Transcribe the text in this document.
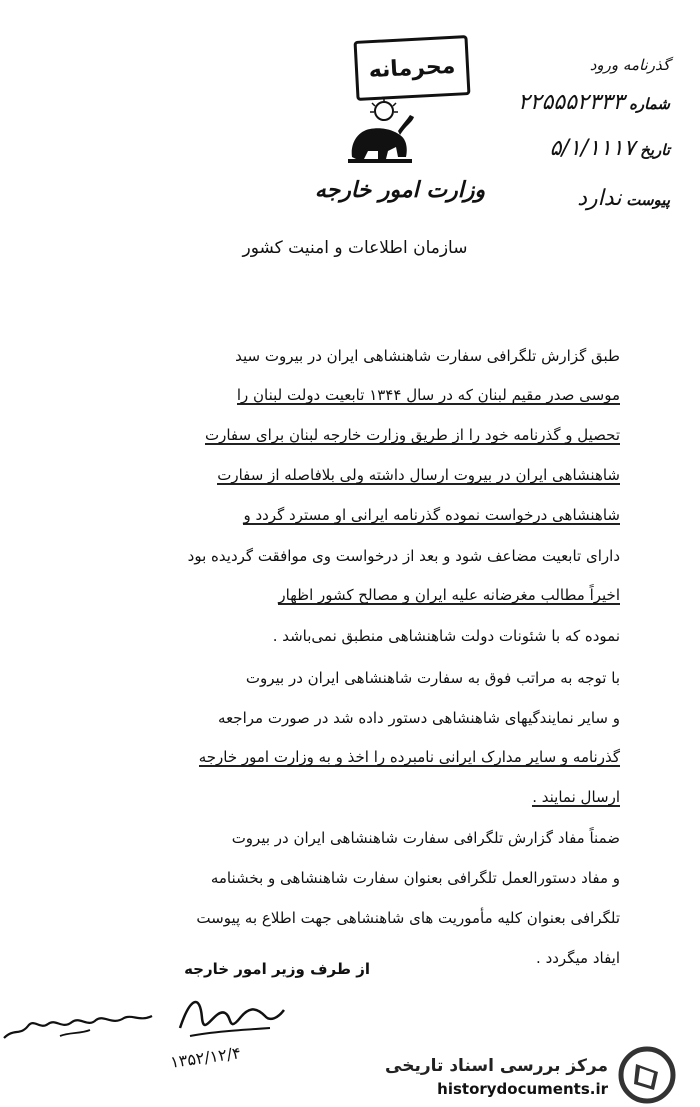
محرمانه
وزارت امور خارجه
گذرنامه ورود
شماره ۲۲۵۵۵۲۳۳۳
تاریخ ۵/۱/۱۱۱۷
پیوست ندارد
سازمان اطلاعات و امنیت کشور
طبق گزارش تلگرافی سفارت شاهنشاهی ایران در بیروت سید
موسی صدر مقیم لبنان که در سال ۱۳۴۴ تابعیت دولت لبنان را
تحصیل و گذرنامه خود را از طریق وزارت خارجه لبنان برای سفارت
شاهنشاهی ایران در بیروت ارسال داشته ولی بلافاصله از سفارت
شاهنشاهی درخواست نموده گذرنامه ایرانی او مسترد گردد و
دارای تابعیت مضاعف شود و بعد از درخواست وی موافقت گردیده بود
اخیراً مطالب مغرضانه علیه ایران و مصالح کشور اظهار
نموده که با شئونات دولت شاهنشاهی منطبق نمی‌باشد .
با توجه به مراتب فوق به سفارت شاهنشاهی ایران در بیروت
و سایر نمایندگیهای شاهنشاهی دستور داده شد در صورت مراجعه
گذرنامه و سایر مدارک ایرانی نامبرده را اخذ و به وزارت امور خارجه
ارسال نمایند .
ضمناً مفاد گزارش تلگرافی سفارت شاهنشاهی ایران در بیروت
و مفاد دستورالعمل تلگرافی بعنوان سفارت شاهنشاهی و بخشنامه
تلگرافی بعنوان کلیه مأموریت های شاهنشاهی جهت اطلاع به پیوست
ایفاد میگردد .
از طرف وزیر امور خارجه
۱۳۵۲/۱۲/۴	مرکز بررسی اسناد تاریخی
historydocuments.ir
